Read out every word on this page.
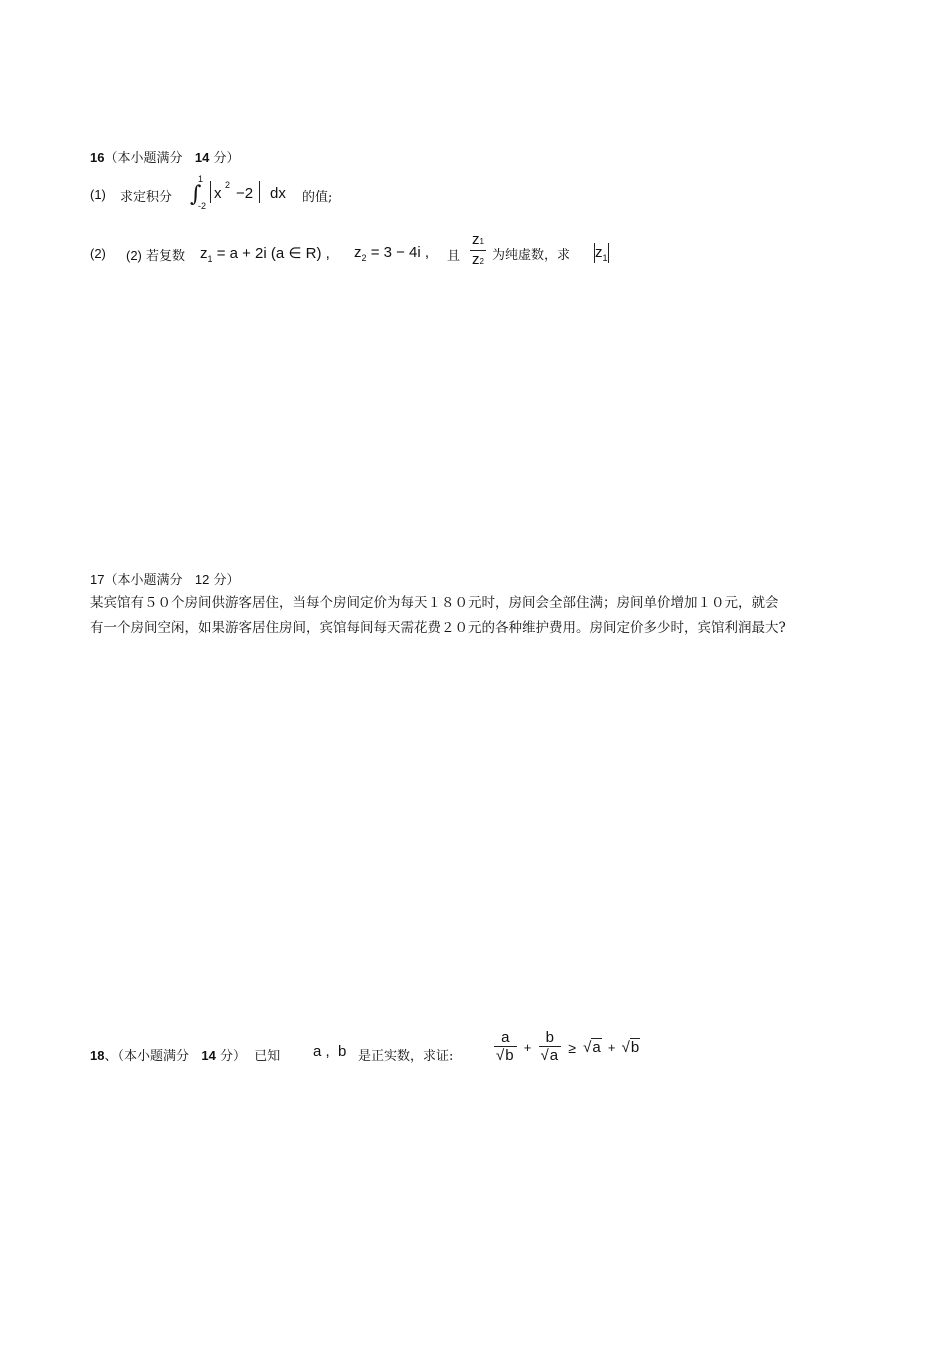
16（本小题满分 14 分）
(1) 求定积分
1
∫
-2
x 2 −2 dx 的值;
(2) (2) 若复数 $z_1 = a + 2i$ (a ∈ R) , $z_2 = 3 - 4i$ , 且 $\frac{z1}{z2}$ 为纯虚数，求 $z_1$
17（本小题满分 12 分）
某宾馆有５０个房间供游客居住，当每个房间定价为每天１８０元时，房间会全部住满；房间单价增加１０元，就会有一个房间空闲，如果游客居住房间，宾馆每间每天需花费２０元的各种维护费用。房间定价多少时，宾馆利润最大?
18、（本小题满分 14 分） 已知 a , b 是正实数，求证:	$\frac{a}{√b} + \frac{b}{√a} \ge √a + √b$
